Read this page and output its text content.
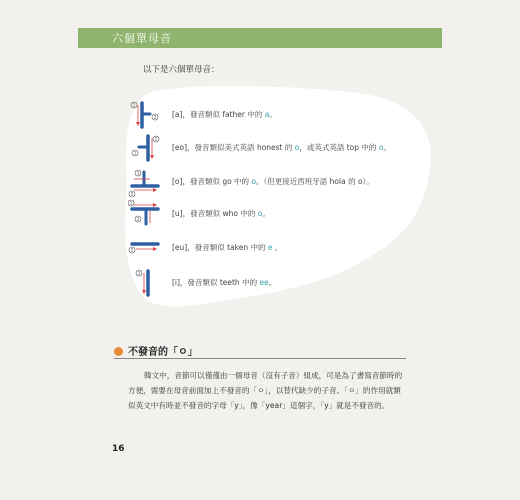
六個單母音
以下是六個單母音：
1
2 [a]，發音類似 father 中的 a。
1
2
[eo]，發音類似美式英語 honest 的 o，或英式英語 top 中的 o。
1
2
[o]，發音類似 go 中的 o。（但更接近西班牙語 hola 的 o）。
1
2
[u]，發音類似 who 中的 o。
1	[eu]，發音類似 taken 中的 e 。
1
[i]，發音類似 teeth 中的 ee。
不發音的「ㅇ」
韓文中，音節可以僅僅由一個母音（沒有子音）組成，可是為了書寫音節時的方便，需要在母音前面加上不發音的「ㅇ」，以替代缺少的子音。「ㅇ」的作用就類似英文中有時並不發音的字母「y」，像「year」這個字，「y」就是不發音的。
16
